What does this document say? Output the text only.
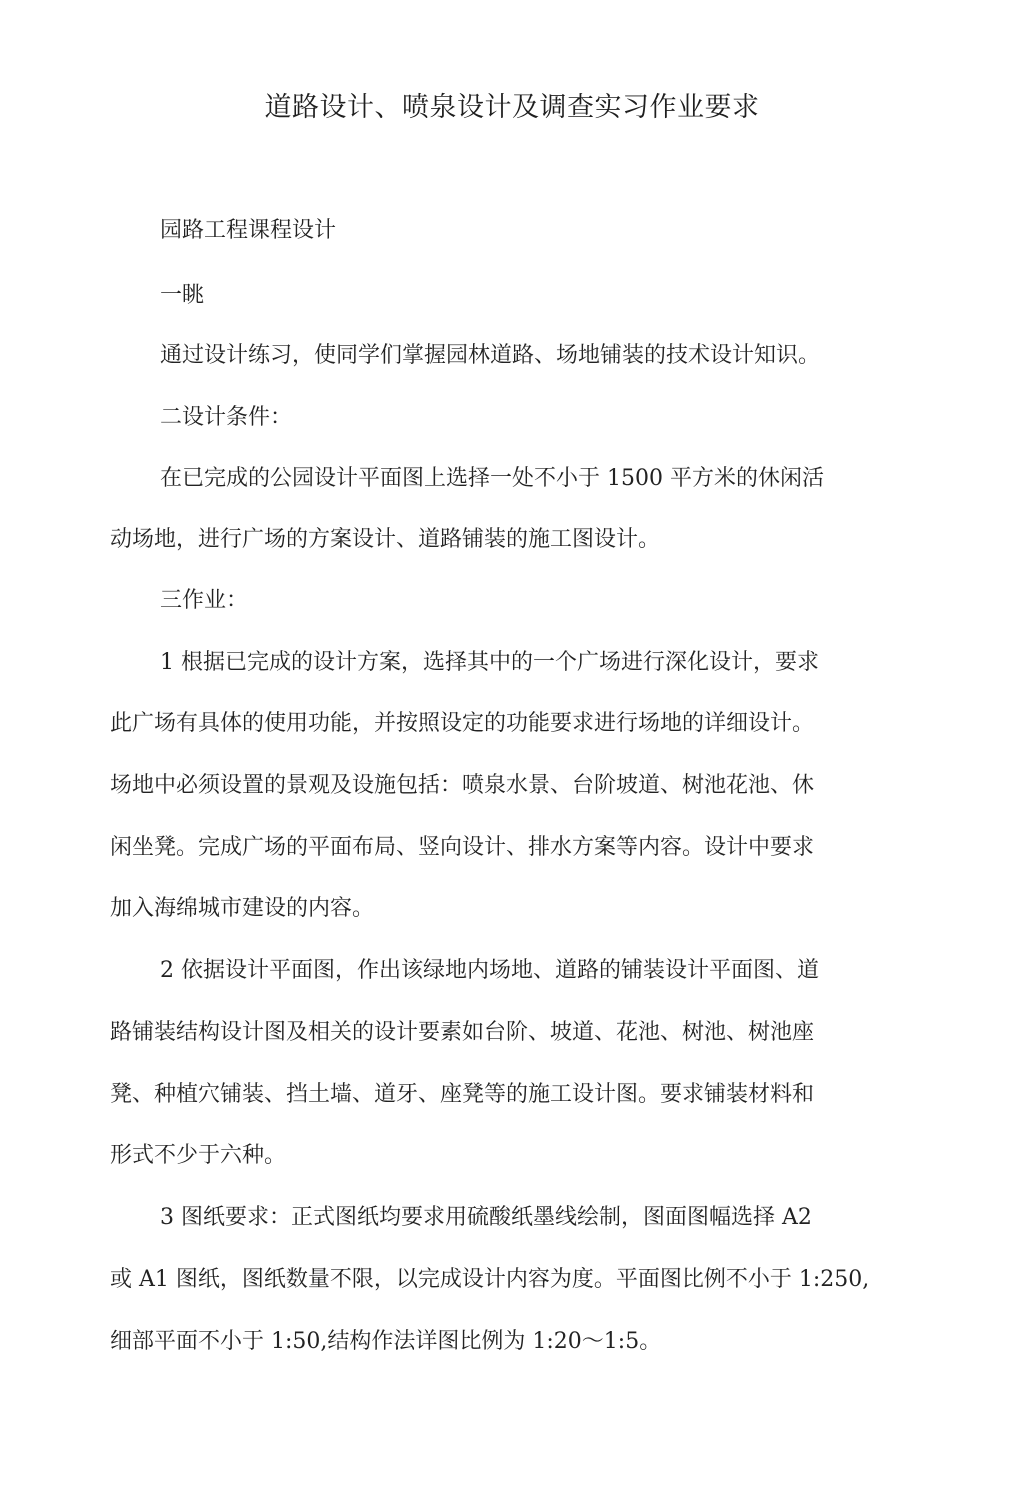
道路设计、喷泉设计及调查实习作业要求
园路工程课程设计
一眺
通过设计练习，使同学们掌握园林道路、场地铺装的技术设计知识。
二设计条件：
在已完成的公园设计平面图上选择一处不小于 1500 平方米的休闲活
动场地，进行广场的方案设计、道路铺装的施工图设计。
三作业：
1 根据已完成的设计方案，选择其中的一个广场进行深化设计，要求
此广场有具体的使用功能，并按照设定的功能要求进行场地的详细设计。
场地中必须设置的景观及设施包括：喷泉水景、台阶坡道、树池花池、休
闲坐凳。完成广场的平面布局、竖向设计、排水方案等内容。设计中要求
加入海绵城市建设的内容。
2 依据设计平面图，作出该绿地内场地、道路的铺装设计平面图、道
路铺装结构设计图及相关的设计要素如台阶、坡道、花池、树池、树池座
凳、种植穴铺装、挡土墙、道牙、座凳等的施工设计图。要求铺装材料和
形式不少于六种。
3 图纸要求：正式图纸均要求用硫酸纸墨线绘制，图面图幅选择 A2
或 A1 图纸，图纸数量不限，以完成设计内容为度。平面图比例不小于 1:250,
细部平面不小于 1:50,结构作法详图比例为 1:20～1:5。
